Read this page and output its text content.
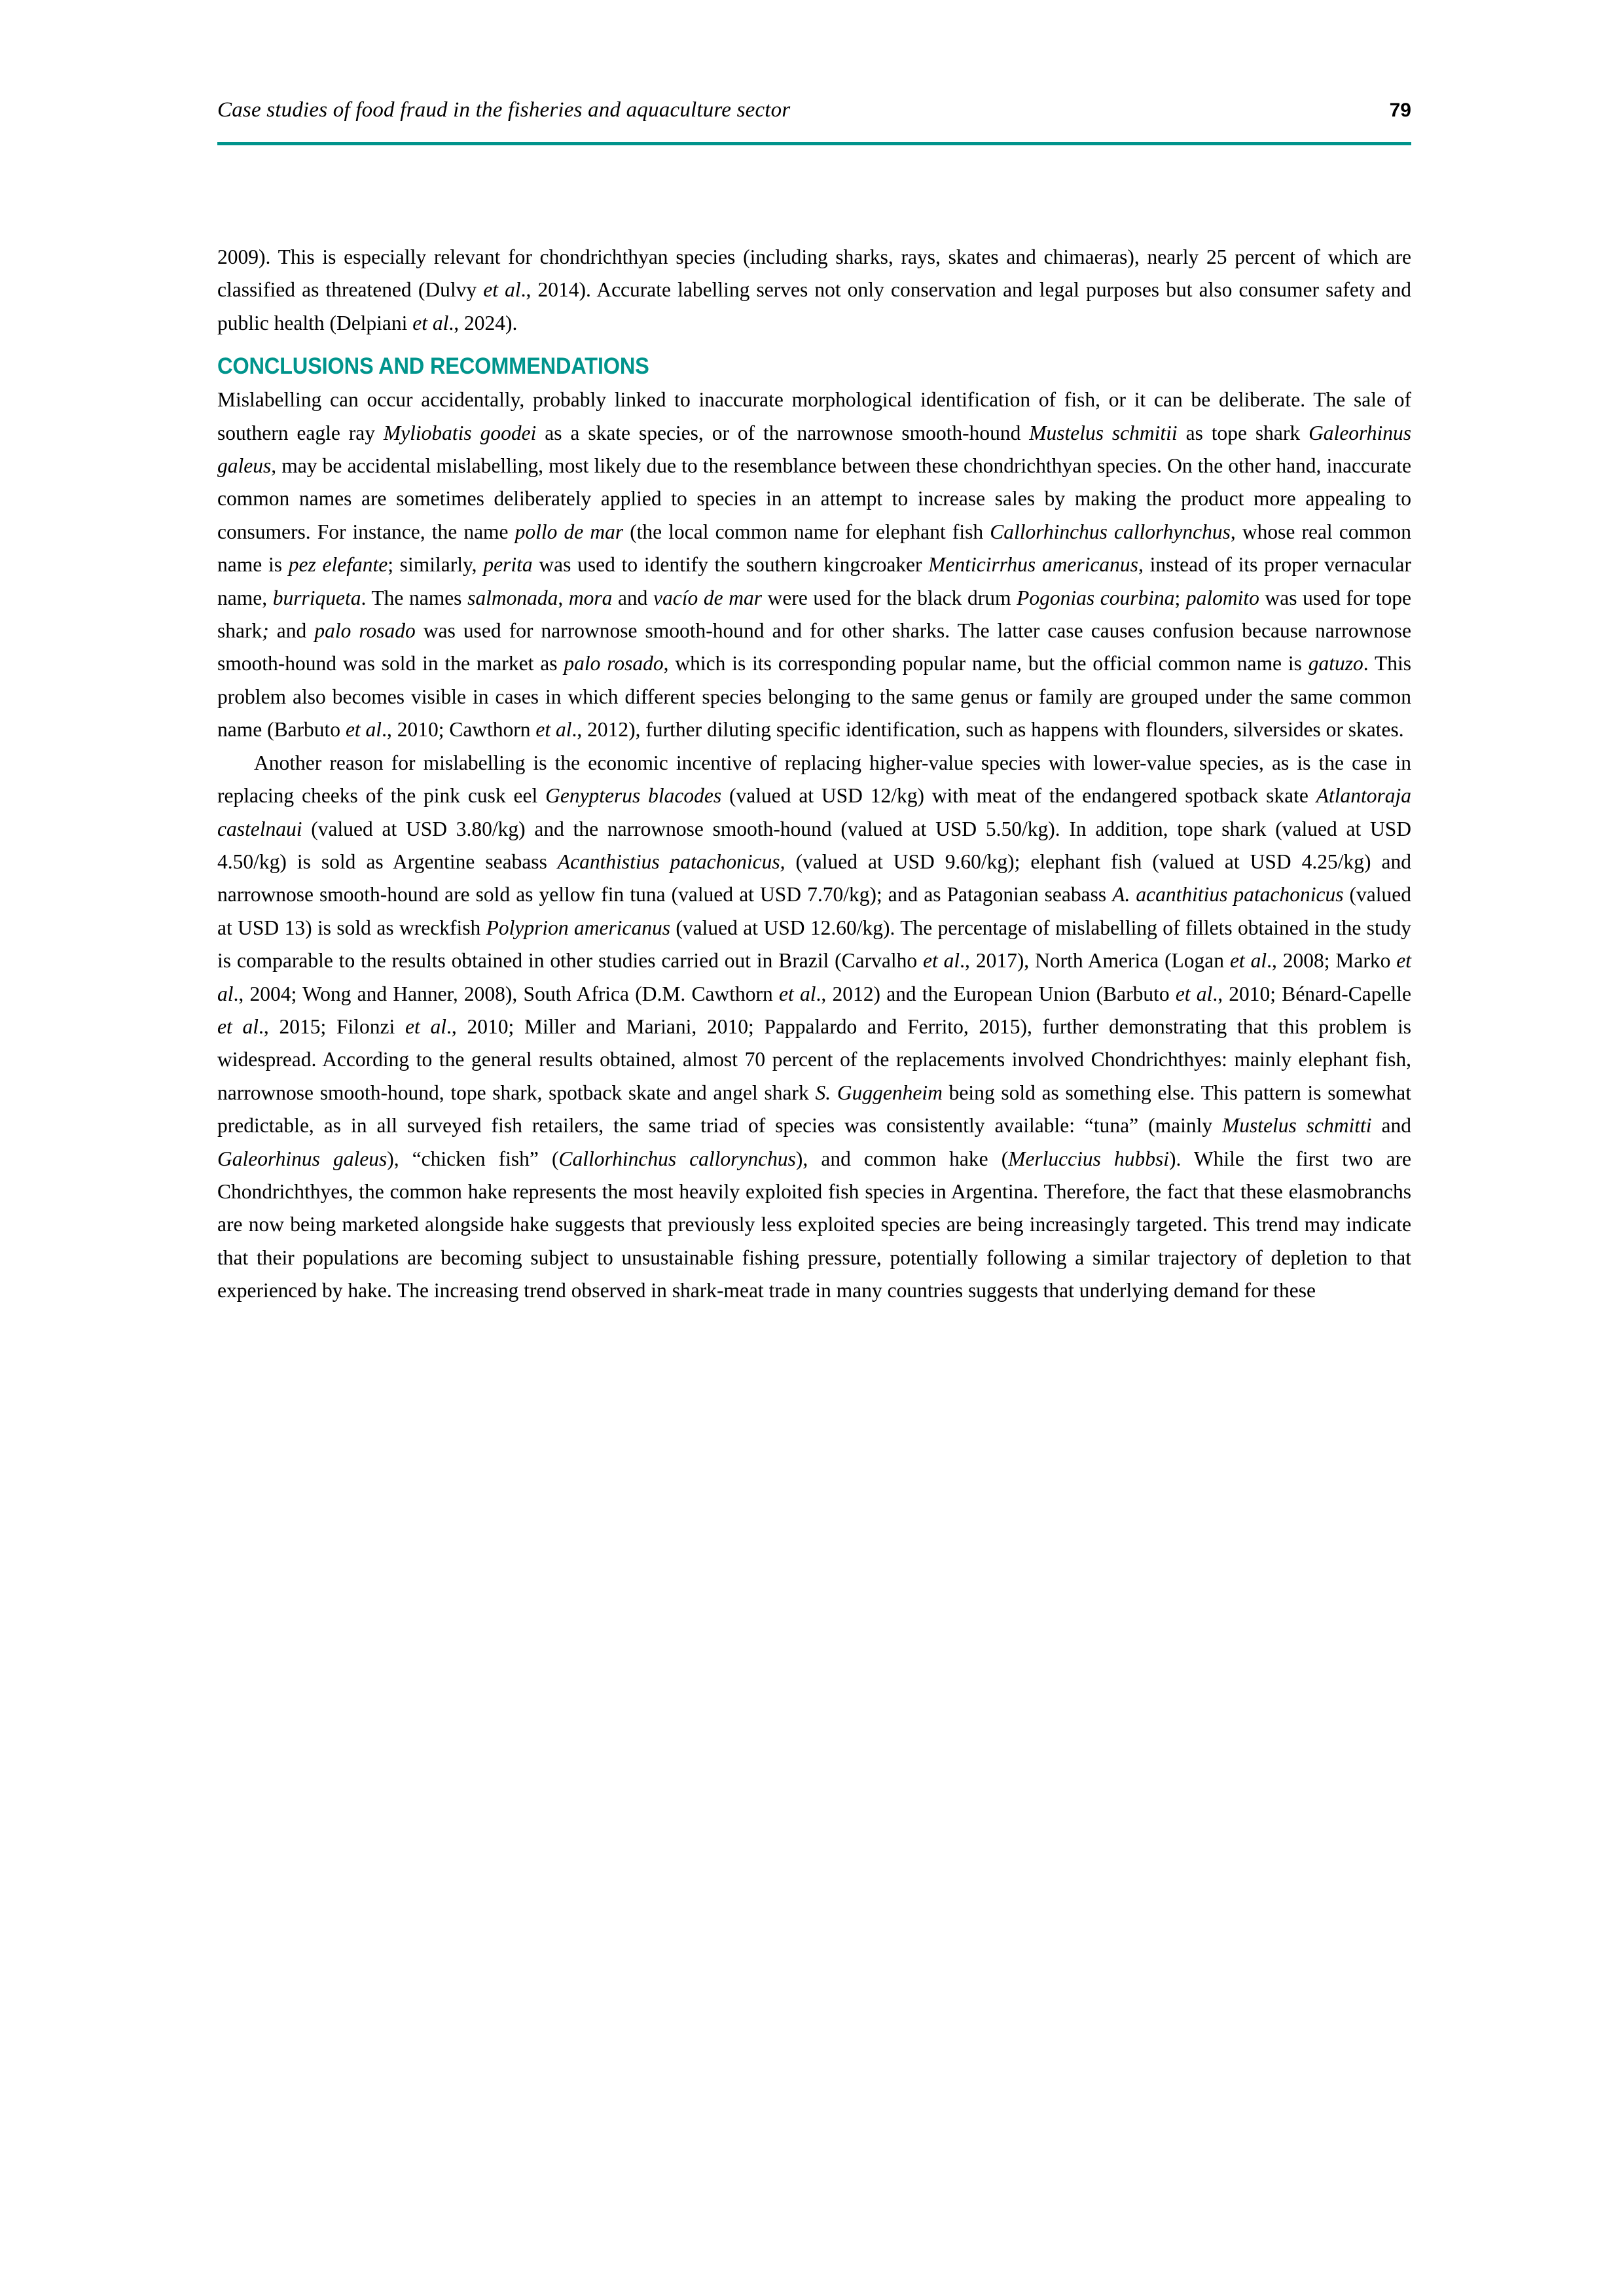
Case studies of food fraud in the fisheries and aquaculture sector	79

2009). This is especially relevant for chondrichthyan species (including sharks, rays, skates and chimaeras), nearly 25 percent of which are classified as threatened (Dulvy et al., 2014). Accurate labelling serves not only conservation and legal purposes but also consumer safety and public health (Delpiani et al., 2024).

CONCLUSIONS AND RECOMMENDATIONS

Mislabelling can occur accidentally, probably linked to inaccurate morphological identification of fish, or it can be deliberate. The sale of southern eagle ray Myliobatis goodei as a skate species, or of the narrownose smooth-hound Mustelus schmitii as tope shark Galeorhinus galeus, may be accidental mislabelling, most likely due to the resemblance between these chondrichthyan species. On the other hand, inaccurate common names are sometimes deliberately applied to species in an attempt to increase sales by making the product more appealing to consumers. For instance, the name pollo de mar (the local common name for elephant fish Callorhinchus callorhynchus, whose real common name is pez elefante; similarly, perita was used to identify the southern kingcroaker Menticirrhus americanus, instead of its proper vernacular name, burriqueta. The names salmonada, mora and vacío de mar were used for the black drum Pogonias courbina; palomito was used for tope shark; and palo rosado was used for narrownose smooth-hound and for other sharks. The latter case causes confusion because narrownose smooth-hound was sold in the market as palo rosado, which is its corresponding popular name, but the official common name is gatuzo. This problem also becomes visible in cases in which different species belonging to the same genus or family are grouped under the same common name (Barbuto et al., 2010; Cawthorn et al., 2012), further diluting specific identification, such as happens with flounders, silversides or skates.

Another reason for mislabelling is the economic incentive of replacing higher-value species with lower-value species, as is the case in replacing cheeks of the pink cusk eel Genypterus blacodes (valued at USD 12/kg) with meat of the endangered spotback skate Atlantoraja castelnaui (valued at USD 3.80/kg) and the narrownose smooth-hound (valued at USD 5.50/kg). In addition, tope shark (valued at USD 4.50/kg) is sold as Argentine seabass Acanthistius patachonicus, (valued at USD 9.60/kg); elephant fish (valued at USD 4.25/kg) and narrownose smooth-hound are sold as yellow fin tuna (valued at USD 7.70/kg); and as Patagonian seabass A. acanthitius patachonicus (valued at USD 13) is sold as wreckfish Polyprion americanus (valued at USD 12.60/kg). The percentage of mislabelling of fillets obtained in the study is comparable to the results obtained in other studies carried out in Brazil (Carvalho et al., 2017), North America (Logan et al., 2008; Marko et al., 2004; Wong and Hanner, 2008), South Africa (D.M. Cawthorn et al., 2012) and the European Union (Barbuto et al., 2010; Bénard-Capelle et al., 2015; Filonzi et al., 2010; Miller and Mariani, 2010; Pappalardo and Ferrito, 2015), further demonstrating that this problem is widespread. According to the general results obtained, almost 70 percent of the replacements involved Chondrichthyes: mainly elephant fish, narrownose smooth-hound, tope shark, spotback skate and angel shark S. Guggenheim being sold as something else. This pattern is somewhat predictable, as in all surveyed fish retailers, the same triad of species was consistently available: “tuna” (mainly Mustelus schmitti and Galeorhinus galeus), “chicken fish” (Callorhinchus callorynchus), and common hake (Merluccius hubbsi). While the first two are Chondrichthyes, the common hake represents the most heavily exploited fish species in Argentina. Therefore, the fact that these elasmobranchs are now being marketed alongside hake suggests that previously less exploited species are being increasingly targeted. This trend may indicate that their populations are becoming subject to unsustainable fishing pressure, potentially following a similar trajectory of depletion to that experienced by hake. The increasing trend observed in shark-meat trade in many countries suggests that underlying demand for these
